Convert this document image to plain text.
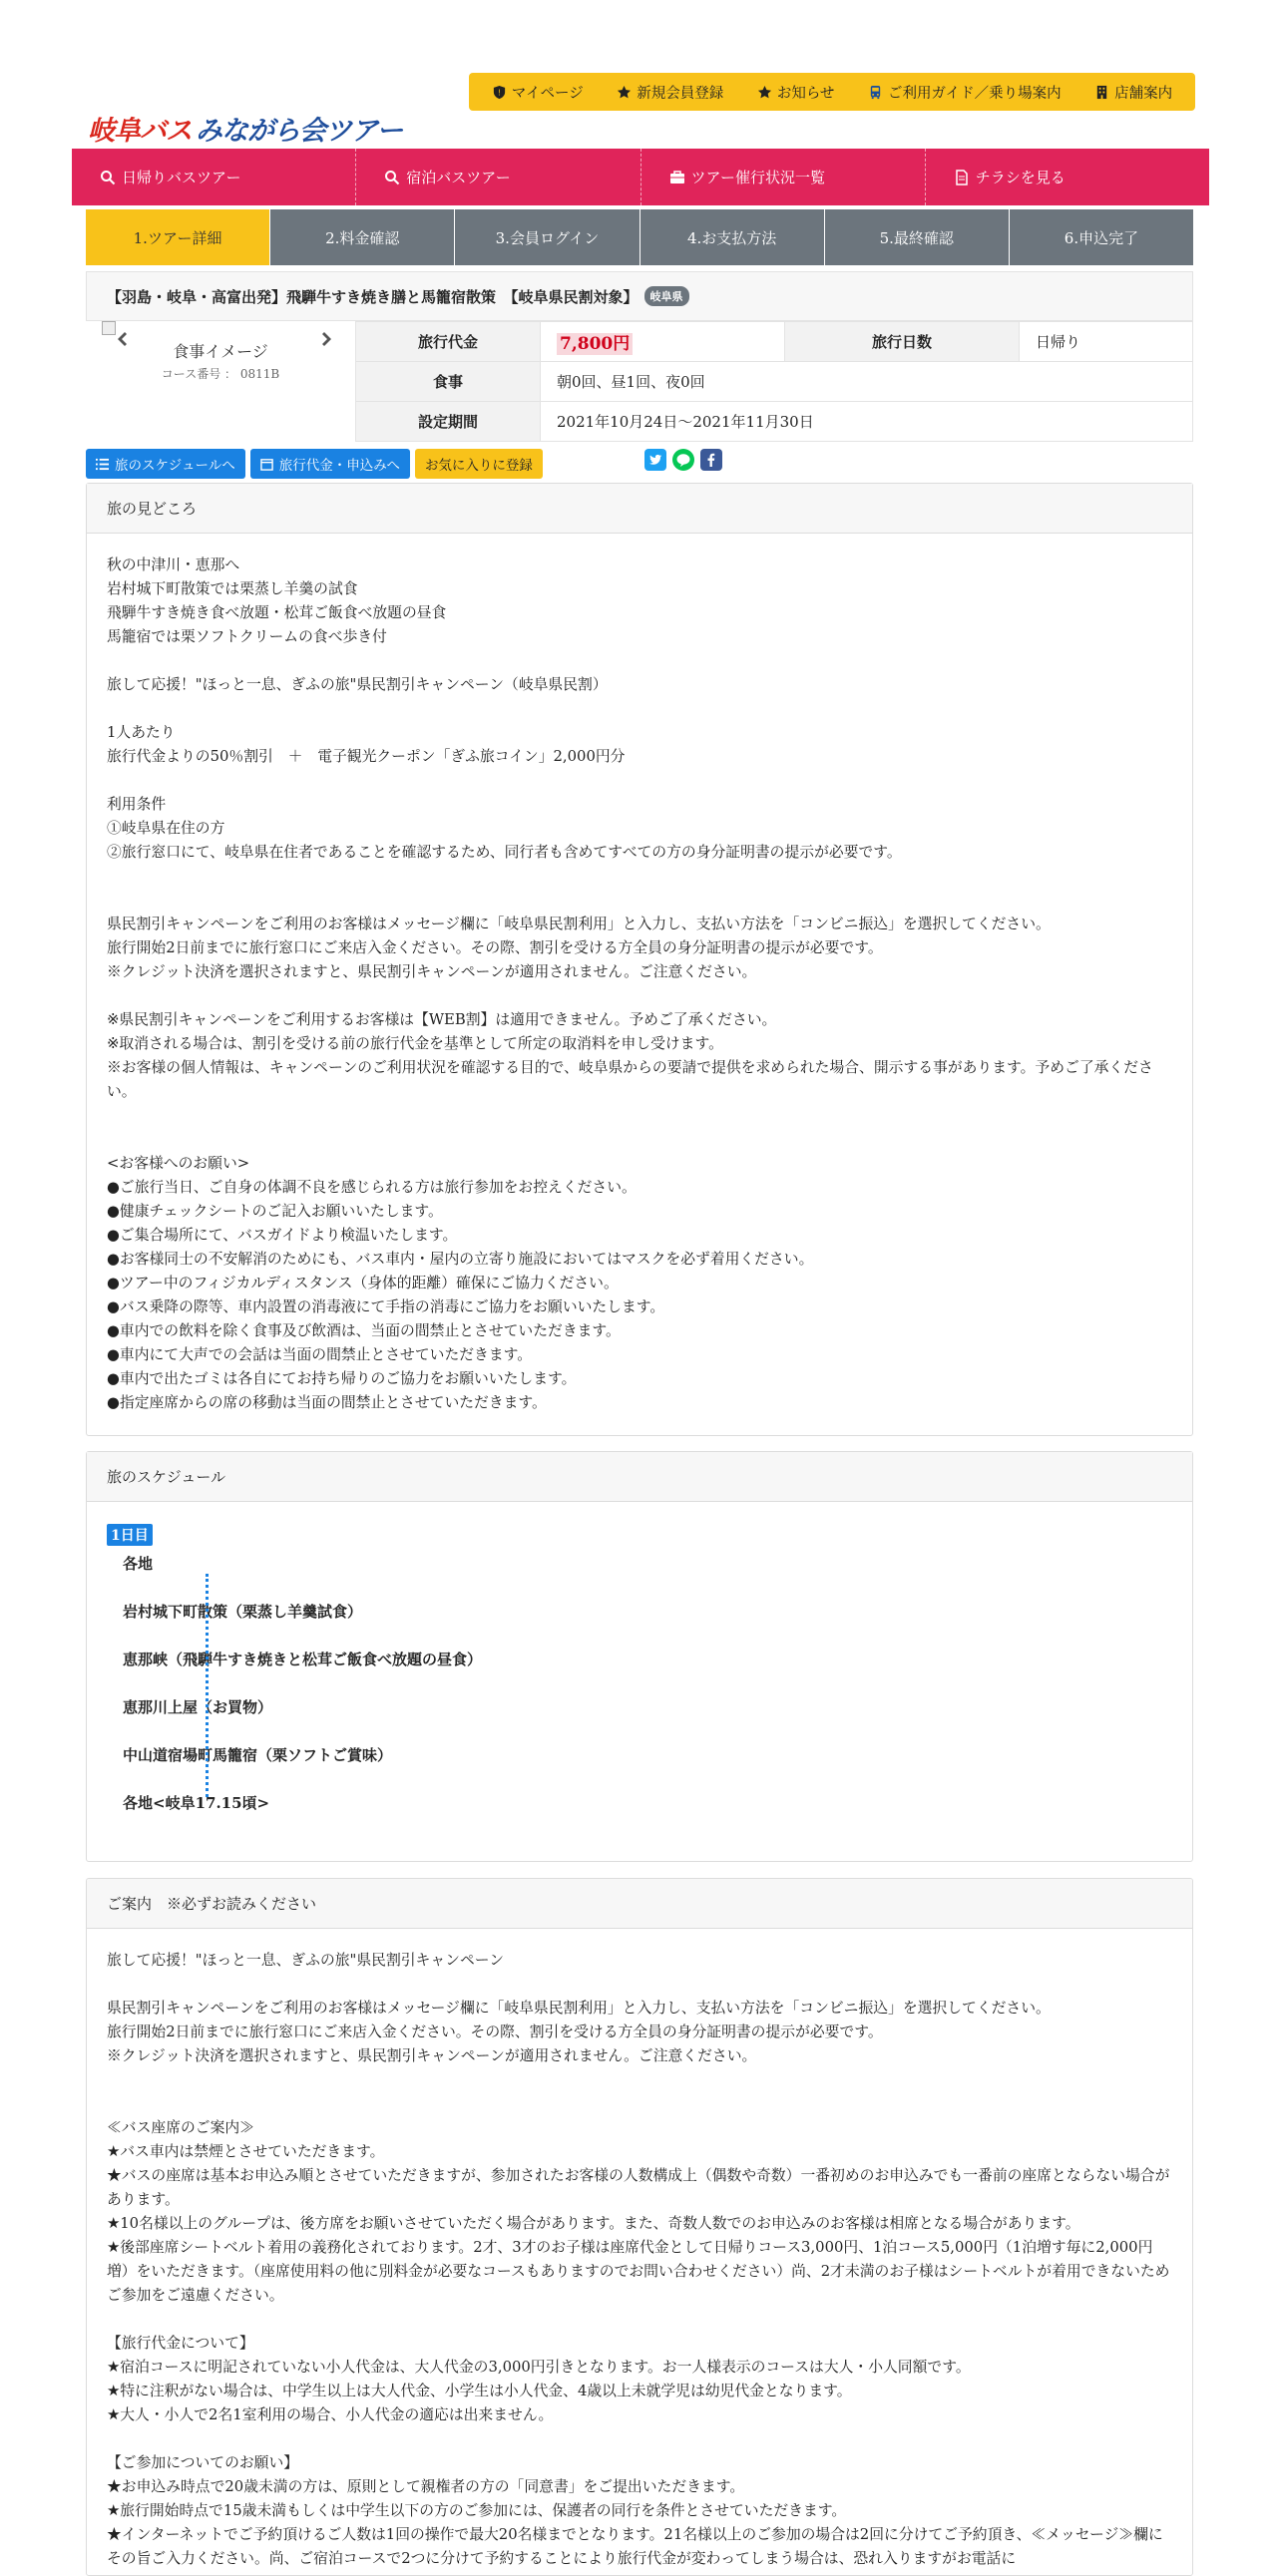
! マイページ	新規会員登録	お知らせ	ご利用ガイド／乗り場案内	店舗案内
岐阜バス みながら会ツアー
日帰りバスツアー	宿泊バスツアー	ツアー催行状況一覧	チラシを見る
1.ツアー詳細	2.料金確認	3.会員ログイン	4.お支払方法	5.最終確認	6.申込完了
【羽島・岐阜・高富出発】飛騨牛すき焼き膳と馬籠宿散策　【岐阜県民割対象】	岐阜県
食事イメージ
コース番号 ： 0811B
旅行代金	7,800円	旅行日数	日帰り
食事	朝0回、昼1回、夜0回		
設定期間	2021年10月24日～2021年11月30日		
旅のスケジュールへ	旅行代金・申込みへ お気に入りに登録
旅の見どころ
秋の中津川・恵那へ
岩村城下町散策では栗蒸し羊羹の試食
飛騨牛すき焼き食べ放題・松茸ご飯食べ放題の昼食
馬籠宿では栗ソフトクリームの食べ歩き付

旅して応援！"ほっと一息、ぎふの旅"県民割引キャンペーン（岐阜県民割）

1人あたり
旅行代金よりの50％割引　＋　電子観光クーポン「ぎふ旅コイン」2,000円分

利用条件
①岐阜県在住の方
②旅行窓口にて、岐阜県在住者であることを確認するため、同行者も含めてすべての方の身分証明書の提示が必要です。

県民割引キャンペーンをご利用のお客様はメッセージ欄に「岐阜県民割利用」と入力し、支払い方法を「コンビニ振込」を選択してください。
旅行開始2日前までに旅行窓口にご来店入金ください。その際、割引を受ける方全員の身分証明書の提示が必要です。
※クレジット決済を選択されますと、県民割引キャンペーンが適用されません。ご注意ください。

※県民割引キャンペーンをご利用するお客様は【WEB割】は適用できません。予めご了承ください。
※取消される場合は、割引を受ける前の旅行代金を基準として所定の取消料を申し受けます。
※お客様の個人情報は、キャンペーンのご利用状況を確認する目的で、岐阜県からの要請で提供を求められた場合、開示する事があります。予めご了承ください。

<お客様へのお願い>
●ご旅行当日、ご自身の体調不良を感じられる方は旅行参加をお控えください。
●健康チェックシートのご記入お願いいたします。
●ご集合場所にて、バスガイドより検温いたします。
●お客様同士の不安解消のためにも、バス車内・屋内の立寄り施設においてはマスクを必ず着用ください。
●ツアー中のフィジカルディスタンス（身体的距離）確保にご協力ください。
●バス乗降の際等、車内設置の消毒液にて手指の消毒にご協力をお願いいたします。
●車内での飲料を除く食事及び飲酒は、当面の間禁止とさせていただきます。
●車内にて大声での会話は当面の間禁止とさせていただきます。
●車内で出たゴミは各自にてお持ち帰りのご協力をお願いいたします。
●指定座席からの席の移動は当面の間禁止とさせていただきます。
旅のスケジュール
1日目
各地
岩村城下町散策（栗蒸し羊羹試食）
恵那峡（飛騨牛すき焼きと松茸ご飯食べ放題の昼食）
恵那川上屋（お買物）
中山道宿場町馬籠宿（栗ソフトご賞味）
各地<岐阜17.15頃>
ご案内　※必ずお読みください
旅して応援！"ほっと一息、ぎふの旅"県民割引キャンペーン

県民割引キャンペーンをご利用のお客様はメッセージ欄に「岐阜県民割利用」と入力し、支払い方法を「コンビニ振込」を選択してください。
旅行開始2日前までに旅行窓口にご来店入金ください。その際、割引を受ける方全員の身分証明書の提示が必要です。
※クレジット決済を選択されますと、県民割引キャンペーンが適用されません。ご注意ください。

≪バス座席のご案内≫
★バス車内は禁煙とさせていただきます。
★バスの座席は基本お申込み順とさせていただきますが、参加されたお客様の人数構成上（偶数や奇数）一番初めのお申込みでも一番前の座席とならない場合があります。
★10名様以上のグループは、後方席をお願いさせていただく場合があります。また、奇数人数でのお申込みのお客様は相席となる場合があります。
★後部座席シートベルト着用の義務化されております。2才、3才のお子様は座席代金として日帰りコース3,000円、1泊コース5,000円（1泊増す毎に2,000円増）をいただきます。（座席使用料の他に別料金が必要なコースもありますのでお問い合わせください）尚、2才未満のお子様はシートベルトが着用できないためご参加をご遠慮ください。

【旅行代金について】
★宿泊コースに明記されていない小人代金は、大人代金の3,000円引きとなります。お一人様表示のコースは大人・小人同額です。
★特に注釈がない場合は、中学生以上は大人代金、小学生は小人代金、4歳以上未就学児は幼児代金となります。
★大人・小人で2名1室利用の場合、小人代金の適応は出来ません。

【ご参加についてのお願い】
★お申込み時点で20歳未満の方は、原則として親権者の方の「同意書」をご提出いただきます。
★旅行開始時点で15歳未満もしくは中学生以下の方のご参加には、保護者の同行を条件とさせていただきます。
★インターネットでご予約頂けるご人数は1回の操作で最大20名様までとなります。21名様以上のご参加の場合は2回に分けてご予約頂き、≪メッセージ≫欄にその旨ご入力ください。尚、ご宿泊コースで2つに分けて予約することにより旅行代金が変わってしまう場合は、恐れ入りますがお電話に
